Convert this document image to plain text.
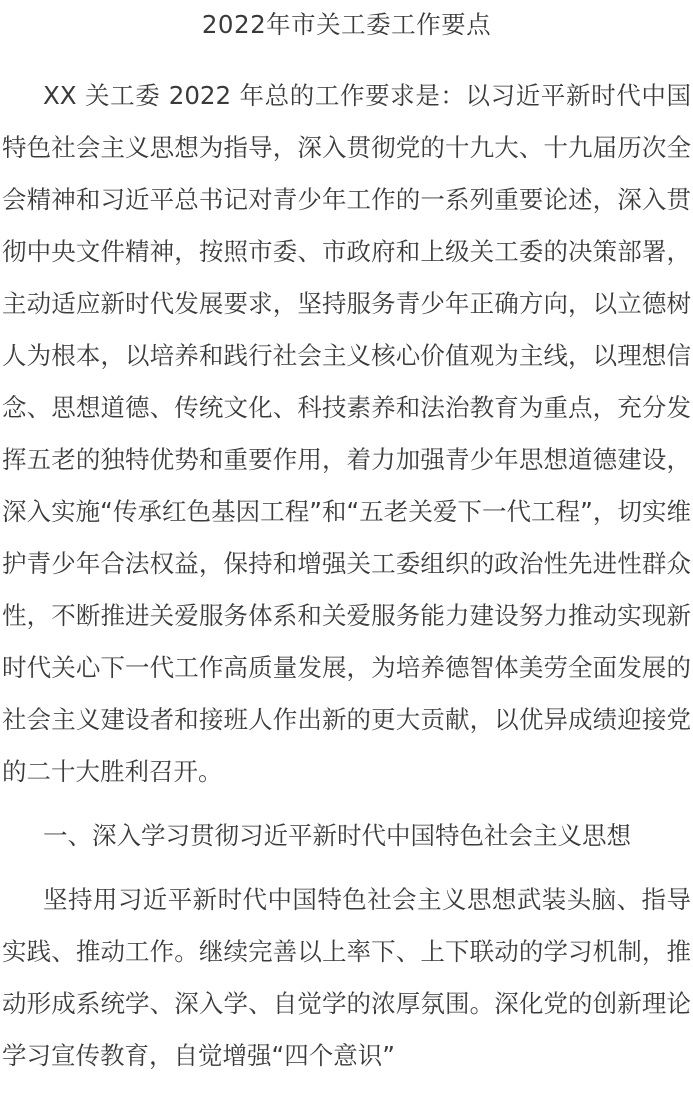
2022年市关工委工作要点

XX 关工委 2022 年总的工作要求是：以习近平新时代中国特色社会主义思想为指导，深入贯彻党的十九大、十九届历次全会精神和习近平总书记对青少年工作的一系列重要论述，深入贯彻中央文件精神，按照市委、市政府和上级关工委的决策部署，主动适应新时代发展要求，坚持服务青少年正确方向，以立德树人为根本，以培养和践行社会主义核心价值观为主线，以理想信念、思想道德、传统文化、科技素养和法治教育为重点，充分发挥五老的独特优势和重要作用，着力加强青少年思想道德建设，深入实施“传承红色基因工程”和“五老关爱下一代工程”，切实维护青少年合法权益，保持和增强关工委组织的政治性先进性群众性，不断推进关爱服务体系和关爱服务能力建设努力推动实现新时代关心下一代工作高质量发展，为培养德智体美劳全面发展的社会主义建设者和接班人作出新的更大贡献，以优异成绩迎接党的二十大胜利召开。

一、深入学习贯彻习近平新时代中国特色社会主义思想

坚持用习近平新时代中国特色社会主义思想武装头脑、指导实践、推动工作。继续完善以上率下、上下联动的学习机制，推动形成系统学、深入学、自觉学的浓厚氛围。深化党的创新理论学习宣传教育，自觉增强“四个意识”
